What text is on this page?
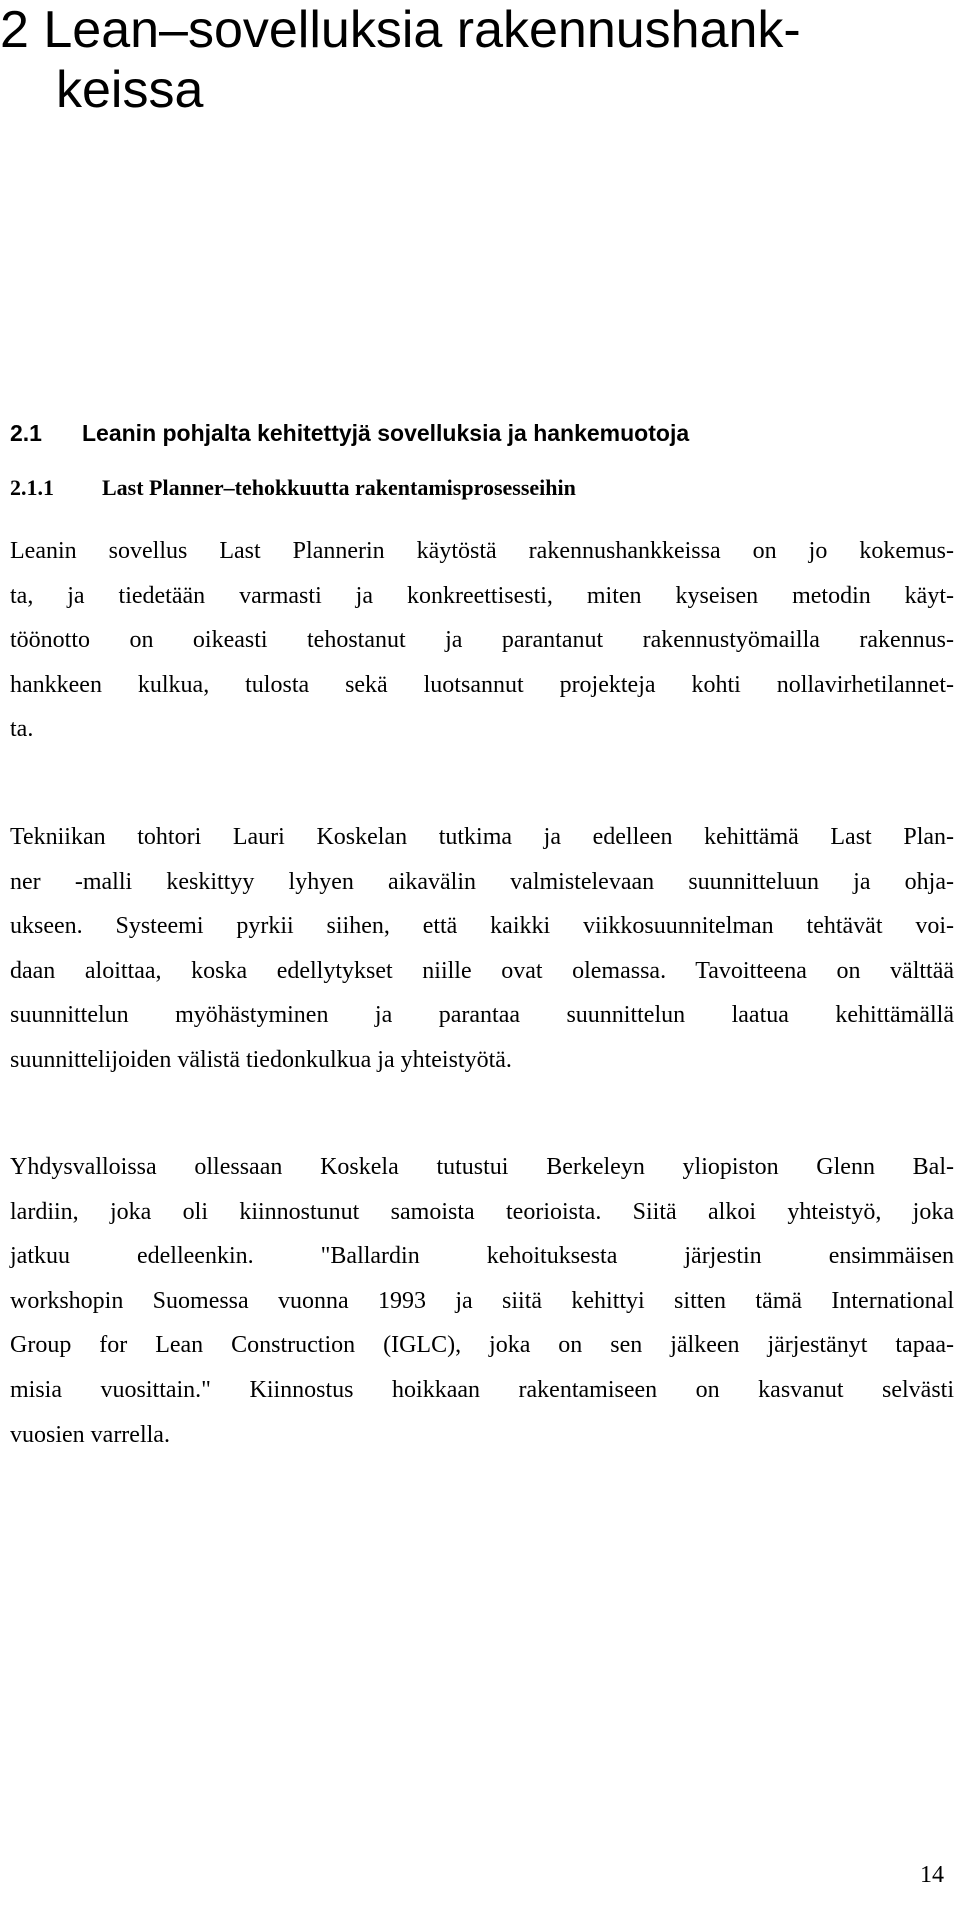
2 Lean–sovelluksia rakennushank-
keissa
2.1 Leanin pohjalta kehitettyjä sovelluksia ja hankemuotoja
2.1.1 Last Planner–tehokkuutta rakentamisprosesseihin

Leanin sovellus Last Plannerin käytöstä rakennushankkeissa on jo kokemus-
ta, ja tiedetään varmasti ja konkreettisesti, miten kyseisen metodin käyt-
töönotto on oikeasti tehostanut ja parantanut rakennustyömailla rakennus-
hankkeen kulkua, tulosta sekä luotsannut projekteja kohti nollavirhetilannet-
ta.

Tekniikan tohtori Lauri Koskelan tutkima ja edelleen kehittämä Last Plan-
ner -malli keskittyy lyhyen aikavälin valmistelevaan suunnitteluun ja ohja-
ukseen. Systeemi pyrkii siihen, että kaikki viikkosuunnitelman tehtävät voi-
daan aloittaa, koska edellytykset niille ovat olemassa. Tavoitteena on välttää
suunnittelun myöhästyminen ja parantaa suunnittelun laatua kehittämällä
suunnittelijoiden välistä tiedonkulkua ja yhteistyötä.

Yhdysvalloissa ollessaan Koskela tutustui Berkeleyn yliopiston Glenn Bal-
lardiin, joka oli kiinnostunut samoista teorioista. Siitä alkoi yhteistyö, joka
jatkuu edelleenkin. "Ballardin kehoituksesta järjestin ensimmäisen
workshopin Suomessa vuonna 1993 ja siitä kehittyi sitten tämä International
Group for Lean Construction (IGLC), joka on sen jälkeen järjestänyt tapaa-
misia vuosittain." Kiinnostus hoikkaan rakentamiseen on kasvanut selvästi
vuosien varrella.

14
